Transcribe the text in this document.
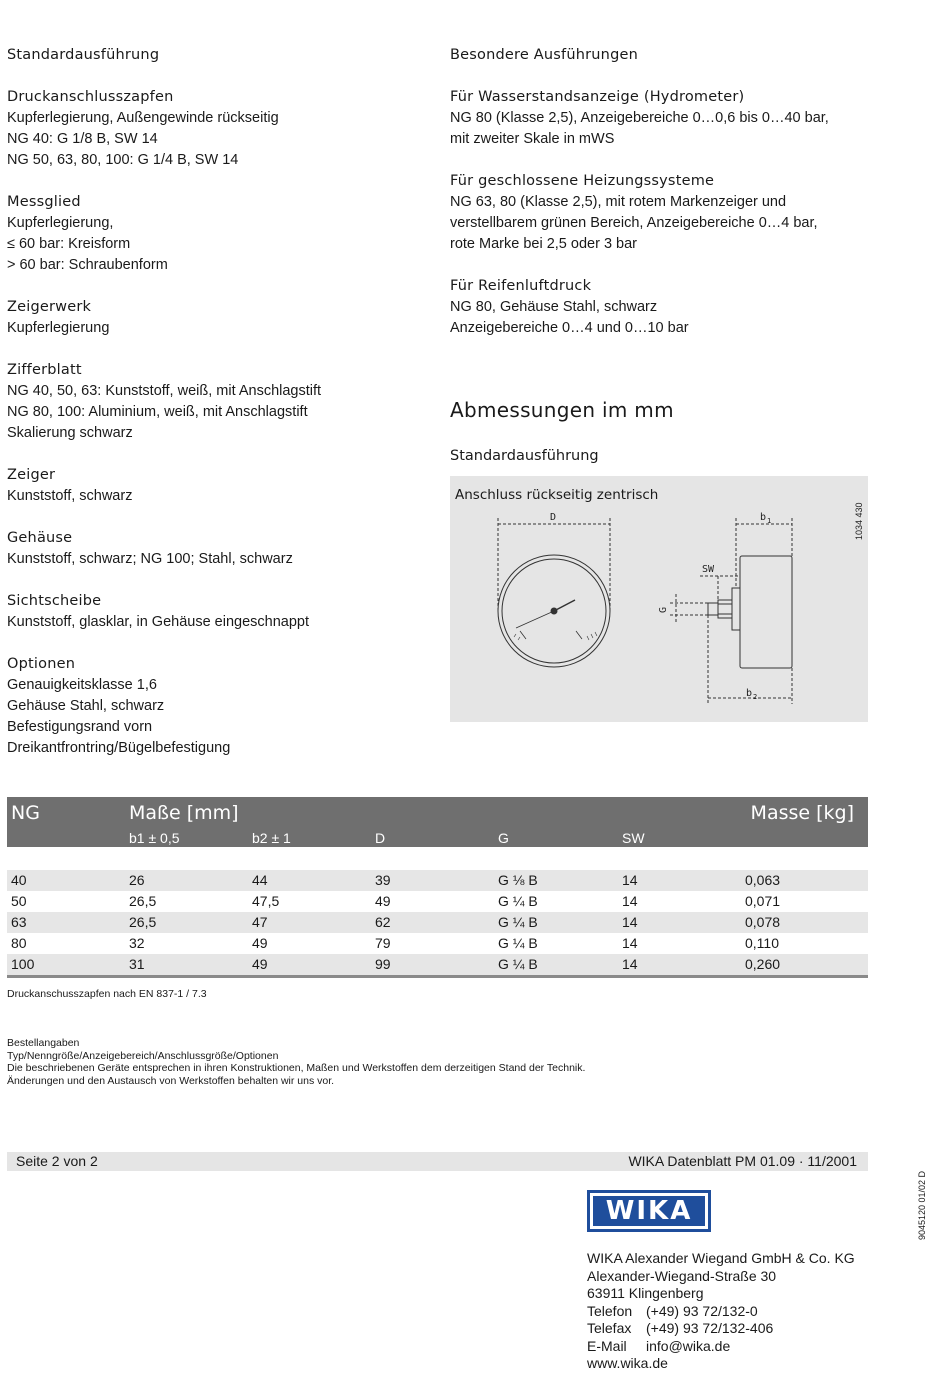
Standardausführung
Druckanschlusszapfen
Kupferlegierung, Außengewinde rückseitig
NG 40: G 1/8 B, SW 14
NG 50, 63, 80, 100: G 1/4 B, SW 14
Messglied
Kupferlegierung,
≤ 60 bar: Kreisform
> 60 bar: Schraubenform
Zeigerwerk
Kupferlegierung
Zifferblatt
NG 40, 50, 63: Kunststoff, weiß, mit Anschlagstift
NG 80, 100: Aluminium, weiß, mit Anschlagstift
Skalierung schwarz
Zeiger
Kunststoff, schwarz
Gehäuse
Kunststoff, schwarz; NG 100; Stahl, schwarz
Sichtscheibe
Kunststoff, glasklar, in Gehäuse eingeschnappt
Optionen
Genauigkeitsklasse 1,6
Gehäuse Stahl, schwarz
Befestigungsrand vorn
Dreikantfrontring/Bügelbefestigung
Besondere Ausführungen
Für Wasserstandsanzeige (Hydrometer)
NG 80 (Klasse 2,5), Anzeigebereiche 0…0,6 bis 0…40 bar,
mit zweiter Skale in mWS
Für geschlossene Heizungssysteme
NG 63, 80 (Klasse 2,5), mit rotem Markenzeiger und
verstellbarem grünen Bereich, Anzeigebereiche 0…4 bar,
rote Marke bei 2,5 oder 3 bar
Für Reifenluftdruck
NG 80, Gehäuse Stahl, schwarz
Anzeigebereiche 0…4 und 0…10 bar
Abmessungen im mm
Standardausführung
Anschluss rückseitig zentrisch
D	b 1
b 2
SW
G
1034 430
NG	Maße [mm]	Masse [kg]
b1 ± 0,5	b2 ± 1	D	G	SW
40	26	44	39	G ⅛ B	14	0,063
50	26,5	47,5	49	G ¼ B	14	0,071
63	26,5	47	62	G ¼ B	14	0,078
80	32	49	79	G ¼ B	14	0,110
100	31	49	99	G ¼ B	14	0,260
Druckanschusszapfen nach EN 837-1 / 7.3
Bestellangaben
Typ/Nenngröße/Anzeigebereich/Anschlussgröße/Optionen
Die beschriebenen Geräte entsprechen in ihren Konstruktionen, Maßen und Werkstoffen dem derzeitigen Stand der Technik.
Änderungen und den Austausch von Werkstoffen behalten wir uns vor.
Seite 2 von 2	WIKA Datenblatt PM 01.09 · 11/2001
9045120 01/02 D
WIKA
WIKA Alexander Wiegand GmbH & Co. KG
Alexander-Wiegand-Straße 30
63911 Klingenberg
Telefon (+49) 93 72/132-0
Telefax (+49) 93 72/132-406
E-Mail info@wika.de
www.wika.de
